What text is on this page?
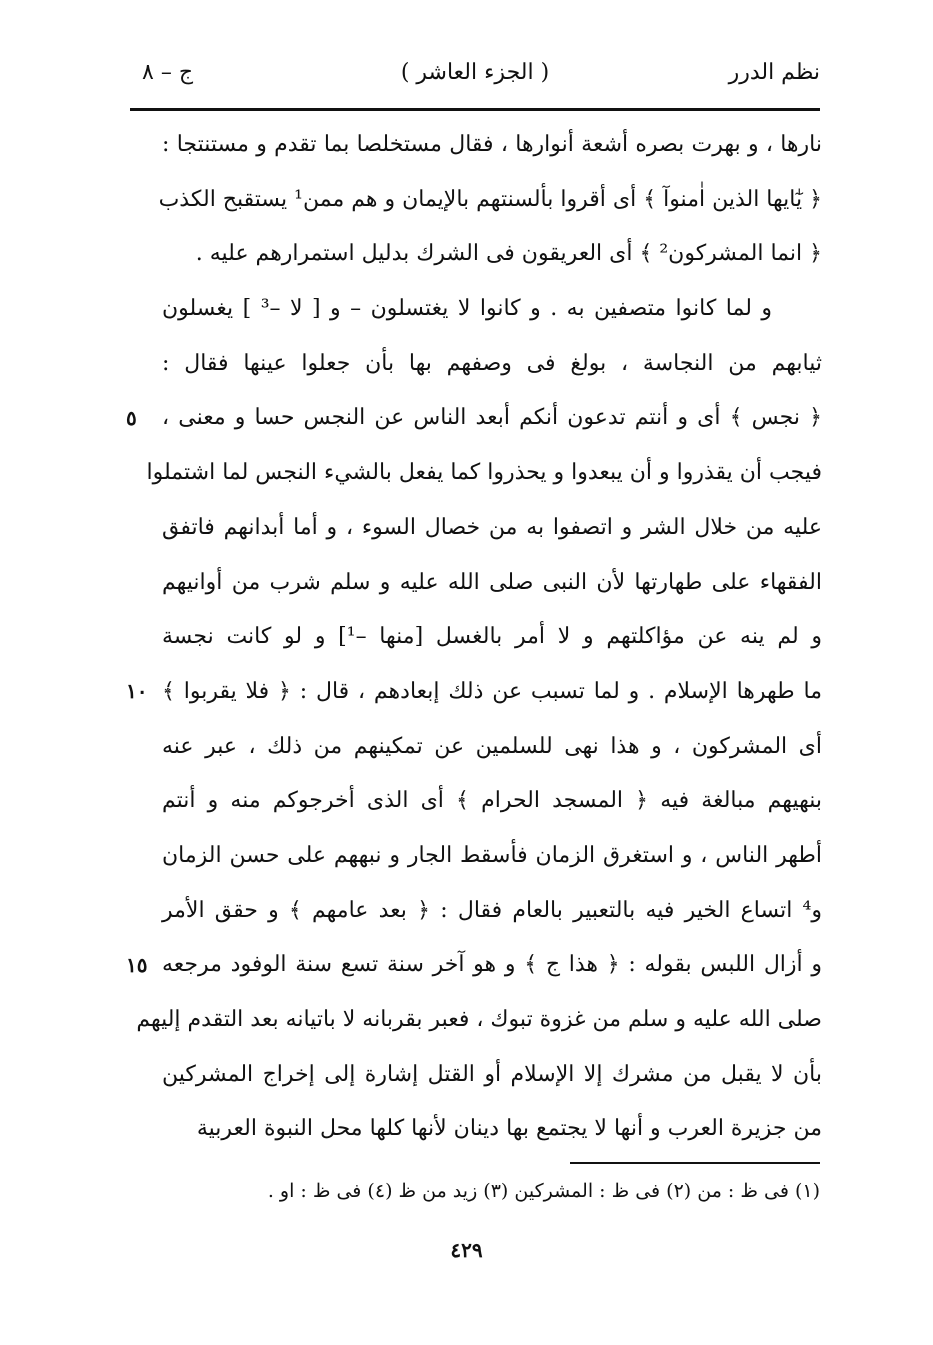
نظم الدرر
( الجزء العاشر )
ج – ٨
نارها ، و بهرت بصره أشعة أنوارها ، فقال مستخلصا بما تقدم و مستنتجا :
﴿ يٰٓايها الذين اٰمنوآ ﴾ أى أقروا بألسنتهم بالإيمان و هم ممن¹ يستقبح الكذب
﴿ انما المشركون² ﴾ أى العريقون فى الشرك بدليل استمرارهم عليه .
و لما كانوا متصفين به . و كانوا لا يغتسلون – و [ لا –³ ] يغسلون
ثيابهم من النجاسة ، بولغ فى وصفهم بها بأن جعلوا عينها فقال :
﴿ نجس ﴾ أى و أنتم تدعون أنكم أبعد الناس عن النجس حسا و معنى ،
فيجب أن يقذروا و أن يبعدوا و يحذروا كما يفعل بالشيء النجس لما اشتملوا
عليه من خلال الشر و اتصفوا به من خصال السوء ، و أما أبدانهم فاتفق
الفقهاء على طهارتها لأن النبى صلى الله عليه و سلم شرب من أوانيهم
و لم ينه عن مؤاكلتهم و لا أمر بالغسل [منها –¹] و لو كانت نجسة
ما طهرها الإسلام . و لما تسبب عن ذلك إبعادهم ، قال : ﴿ فلا يقربوا ﴾
أى المشركون ، و هذا نهى للسلمين عن تمكينهم من ذلك ، عبر عنه
بنهيهم مبالغة فيه ﴿ المسجد الحرام ﴾ أى الذى أخرجوكم منه و أنتم
أطهر الناس ، و استغرق الزمان فأسقط الجار و نبههم على حسن الزمان
و⁴ اتساع الخير فيه بالتعبير بالعام فقال : ﴿ بعد عامهم ﴾ و حقق الأمر
و أزال اللبس بقوله : ﴿ هذا ج ﴾ و هو آخر سنة تسع سنة الوفود مرجعه
صلى الله عليه و سلم من غزوة تبوك ، فعبر بقربانه لا باتيانه بعد التقدم إليهم
بأن لا يقبل من مشرك إلا الإسلام أو القتل إشارة إلى إخراج المشركين
من جزيرة العرب و أنها لا يجتمع بها دينان لأنها كلها محل النبوة العربية
٥
١٠
١٥
(١) فى ظ : من (٢) فى ظ : المشركين (٣) زيد من ظ (٤) فى ظ : او .
٤٢٩
